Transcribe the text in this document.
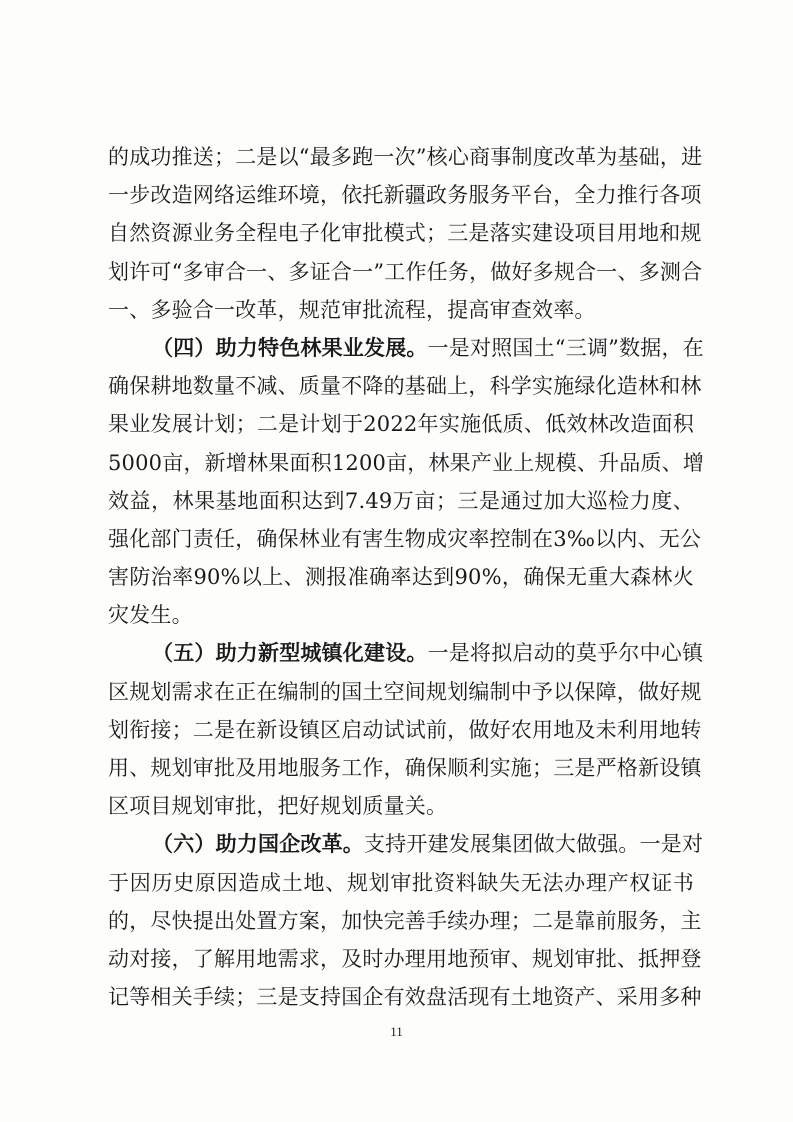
的成功推送；二是以“最多跑一次”核心商事制度改革为基础，进
一步改造网络运维环境，依托新疆政务服务平台，全力推行各项
自然资源业务全程电子化审批模式；三是落实建设项目用地和规
划许可“多审合一、多证合一”工作任务，做好多规合一、多测合
一、多验合一改革，规范审批流程，提高审查效率。
（四）助力特色林果业发展。一是对照国土“三调”数据，在
确保耕地数量不减、质量不降的基础上，科学实施绿化造林和林
果业发展计划；二是计划于2022年实施低质、低效林改造面积
5000亩，新增林果面积1200亩，林果产业上规模、升品质、增
效益，林果基地面积达到7.49万亩；三是通过加大巡检力度、
强化部门责任，确保林业有害生物成灾率控制在3‰以内、无公
害防治率90%以上、测报准确率达到90%，确保无重大森林火
灾发生。
（五）助力新型城镇化建设。一是将拟启动的莫乎尔中心镇
区规划需求在正在编制的国土空间规划编制中予以保障，做好规
划衔接；二是在新设镇区启动试试前，做好农用地及未利用地转
用、规划审批及用地服务工作，确保顺利实施；三是严格新设镇
区项目规划审批，把好规划质量关。
（六）助力国企改革。支持开建发展集团做大做强。一是对
于因历史原因造成土地、规划审批资料缺失无法办理产权证书
的，尽快提出处置方案，加快完善手续办理；二是靠前服务，主
动对接，了解用地需求，及时办理用地预审、规划审批、抵押登
记等相关手续；三是支持国企有效盘活现有土地资产、采用多种
11
